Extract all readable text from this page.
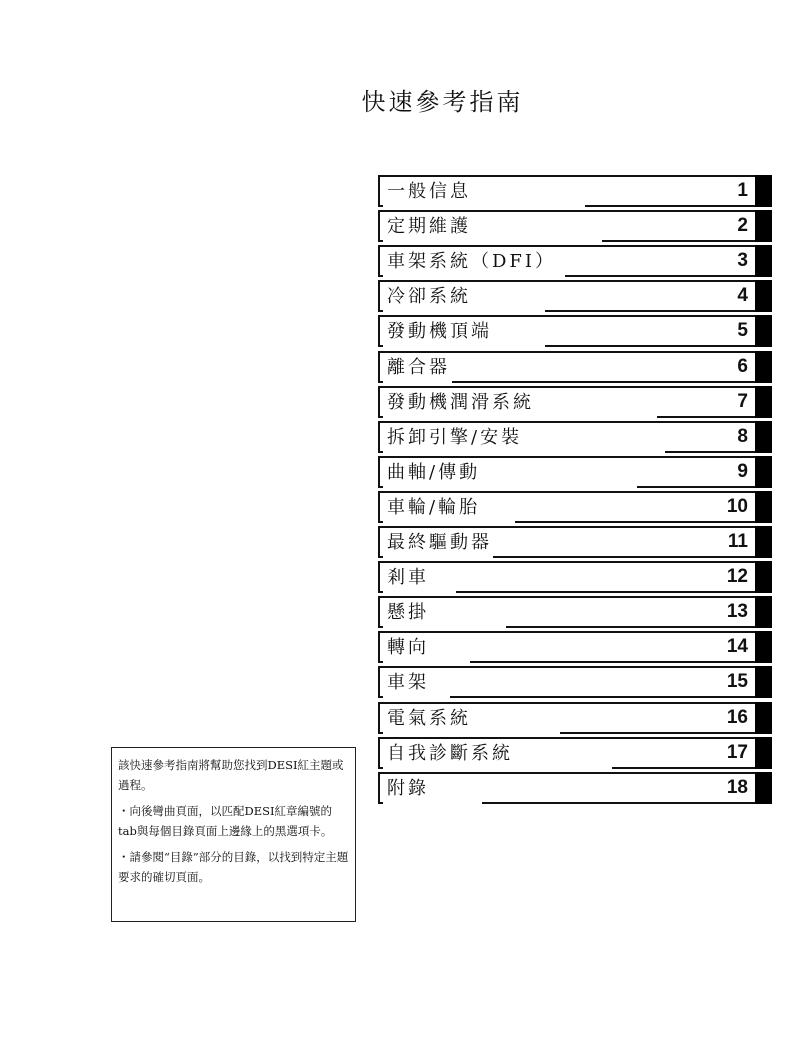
快速參考指南
一般信息	1
定期維護	2
車架系統（DFI）	3
冷卻系統	4
發動機頂端	5
離合器	6
發動機潤滑系統	7
拆卸引擎/安裝	8
曲軸/傳動	9
車輪/輪胎	10
最終驅動器	11
剎車	12
懸掛	13
轉向	14
車架	15
電氣系統	16
自我診斷系統	17
附錄	18

該快速參考指南將幫助您找到DESI紅主題或過程。

・向後彎曲頁面，以匹配DESI紅章編號的tab與每個目錄頁面上邊緣上的黑選項卡。

・請參閱“目錄”部分的目錄，以找到特定主題要求的確切頁面。
